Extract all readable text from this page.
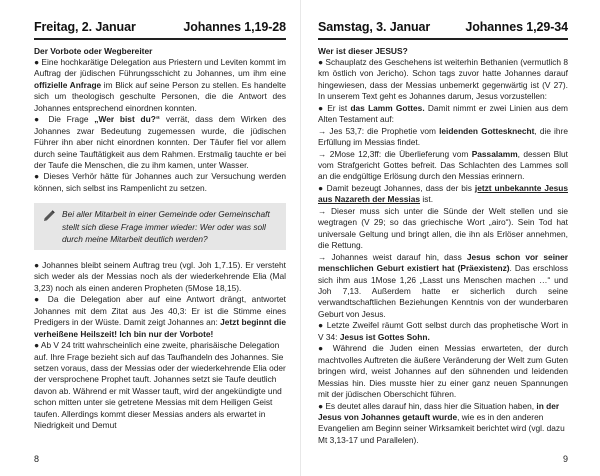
Freitag, 2. Januar	Johannes 1,19-28
Der Vorbote oder Wegbereiter

● Eine hochkarätige Delegation aus Priestern und Leviten kommt im Auftrag der jüdischen Führungsschicht zu Johannes, um ihm eine offizielle Anfrage im Blick auf seine Person zu stellen. Es handelte sich um theologisch geschulte Personen, die die Antwort des Johannes entsprechend einordnen konnten.

● Die Frage „Wer bist du?“ verrät, dass dem Wirken des Johannes zwar Bedeutung zugemessen wurde, die jüdischen Führer ihn aber nicht einordnen konnten. Der Täufer fiel vor allem durch seine Tauftätigkeit aus dem Rahmen. Erstmalig tauchte er bei der Taufe die Menschen, die zu ihm kamen, unter Wasser.

● Dieses Verhör hätte für Johannes auch zur Versuchung werden können, sich selbst ins Rampenlicht zu setzen.

Bei aller Mitarbeit in einer Gemeinde oder Gemeinschaft stellt sich diese Frage immer wieder: Wer oder was soll durch meine Mitarbeit deutlich werden?

● Johannes bleibt seinem Auftrag treu (vgl. Joh 1,7.15). Er versteht sich weder als der Messias noch als der wiederkehrende Elia (Mal 3,23) noch als einen anderen Propheten (5Mose 18,15).

● Da die Delegation aber auf eine Antwort drängt, antwortet Johannes mit dem Zitat aus Jes 40,3: Er ist die Stimme eines Predigers in der Wüste. Damit zeigt Johannes an: Jetzt beginnt die verheißene Heilszeit! Ich bin nur der Vorbote!

● Ab V 24 tritt wahrscheinlich eine zweite, pharisäische Delegation auf. Ihre Frage bezieht sich auf das Taufhandeln des Johannes. Sie setzen voraus, dass der Messias oder der wiederkehrende Elia oder der versprochene Prophet tauft. Johannes setzt sie Taufe deutlich davon ab. Während er mit Wasser tauft, wird der angekündigte und schon mitten unter sie getretene Messias mit dem Heiligen Geist taufen. Allerdings kommt dieser Messias anders als erwartet in Niedrigkeit und Demut

8
Samstag, 3. Januar	Johannes 1,29-34
Wer ist dieser JESUS?

● Schauplatz des Geschehens ist weiterhin Bethanien (vermutlich 8 km östlich von Jericho). Schon tags zuvor hatte Johannes darauf hingewiesen, dass der Messias unbemerkt gegenwärtig ist (V 27). In unserem Text geht es Johannes darum, Jesus vorzustellen:

● Er ist das Lamm Gottes. Damit nimmt er zwei Linien aus dem Alten Testament auf:

→ Jes 53,7: die Prophetie vom leidenden Gottesknecht, die ihre Erfüllung im Messias findet.

→ 2Mose 12,3ff: die Überlieferung vom Passalamm, dessen Blut vom Strafgericht Gottes befreit. Das Schlachten des Lammes soll an die endgültige Erlösung durch den Messias erinnern.

● Damit bezeugt Johannes, dass der bis jetzt unbekannte Jesus aus Nazareth der Messias ist.

→ Dieser muss sich unter die Sünde der Welt stellen und sie wegtragen (V 29; so das griechische Wort „airo“). Sein Tod hat universale Geltung und bringt allen, die ihn als Erlöser annehmen, die Rettung.

→ Johannes weist darauf hin, dass Jesus schon vor seiner menschlichen Geburt existiert hat (Präexistenz). Das erschloss sich ihm aus 1Mose 1,26 „Lasst uns Menschen machen …“ und Joh 7,13. Außerdem hatte er sicherlich durch seine verwandtschaftlichen Beziehungen Kenntnis von der wunderbaren Geburt von Jesus.

● Letzte Zweifel räumt Gott selbst durch das prophetische Wort in V 34: Jesus ist Gottes Sohn.

● Während die Juden einen Messias erwarteten, der durch machtvolles Auftreten die äußere Veränderung der Welt zum Guten bringen wird, weist Johannes auf den sühnenden und leidenden Messias hin. Dies musste hier zu einer ganz neuen Spannungen mit der jüdischen Oberschicht führen.

● Es deutet alles darauf hin, dass hier die Situation haben, in der Jesus von Johannes getauft wurde, wie es in den anderen Evangelien am Beginn seiner Wirksamkeit berichtet wird (vgl. dazu Mt 3,13-17 und Parallelen).

9
